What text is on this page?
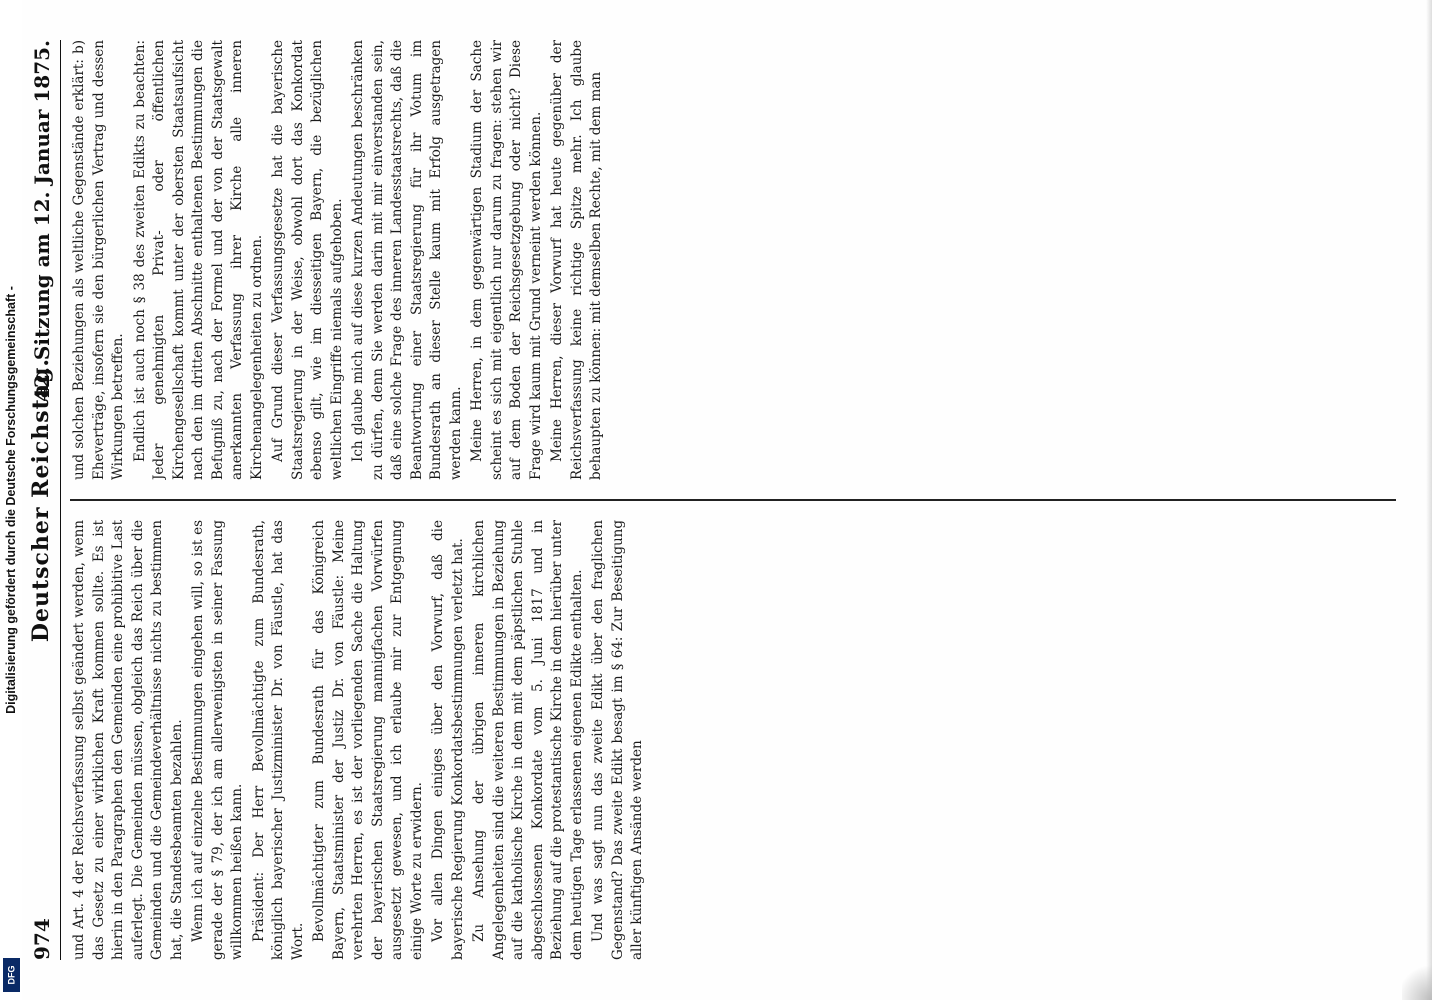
974
Deutscher Reichstag.
42. Sitzung am 12. Januar 1875.

und Art. 4 der Reichsverfassung selbst geändert werden, wenn das Gesetz zu einer wirklichen Kraft kommen sollte. Es ist hierin in den Paragraphen den Gemeinden eine prohibitive Last auferlegt. Die Gemeinden müssen, obgleich das Reich über die Gemeinden und die Gemeindeverhältnisse nichts zu bestimmen hat, die Standesbeamten bezahlen. Wenn ich auf einzelne Bestimmungen eingehen will, so ist es gerade der § 79, der ich am allerwenigsten in seiner Fassung willkommen heißen kann. Präsident: Der Herr Bevollmächtigte zum Bundesrath, königlich bayerischer Justizminister Dr. von Fäustle, hat das Wort. Bevollmächtigter zum Bundesrath für das Königreich Bayern, Staatsminister der Justiz Dr. von Fäustle: Meine verehrten Herren, es ist der vorliegenden Sache die Haltung der bayerischen Staatsregierung mannigfachen Vorwürfen ausgesetzt gewesen, und ich erlaube mir zur Entgegnung einige Worte zu erwidern. Vor allen Dingen einiges über den Vorwurf, daß die bayerische Regierung Konkordatsbestimmungen verletzt hat. Zu Ansehung der übrigen inneren kirchlichen Angelegenheiten sind die weiteren Bestimmungen in Beziehung auf die katholische Kirche in dem mit dem päpstlichen Stuhle abgeschlossenen Konkordate vom 5. Juni 1817 und in Beziehung auf die protestantische Kirche in dem hierüber unter dem heutigen Tage erlassenen eigenen Edikte enthalten. Und was sagt nun das zweite Edikt über den fraglichen Gegenstand? Das zweite Edikt besagt im § 64: Zur Beseitigung aller künftigen Ansände werden

und solchen Beziehungen als weltliche Gegenstände erklärt: b) Eheverträge, insofern sie den bürgerlichen Vertrag und dessen Wirkungen betreffen. Endlich ist auch noch § 38 des zweiten Edikts zu beachten: Jeder genehmigten Privat- oder öffentlichen Kirchengesellschaft kommt unter der obersten Staatsaufsicht nach den im dritten Abschnitte enthaltenen Bestimmungen die Befugniß zu, nach der Formel und der von der Staatsgewalt anerkannten Verfassung ihrer Kirche alle inneren Kirchenangelegenheiten zu ordnen. Auf Grund dieser Verfassungsgesetze hat die bayerische Staatsregierung in der Weise, obwohl dort das Konkordat ebenso gilt, wie im diesseitigen Bayern, die bezüglichen weltlichen Eingriffe niemals aufgehoben. Ich glaube mich auf diese kurzen Andeutungen beschränken zu dürfen, denn Sie werden darin mit mir einverstanden sein, daß eine solche Frage des inneren Landesstaatsrechts, daß die Beantwortung einer Staatsregierung für ihr Votum im Bundesrath an dieser Stelle kaum mit Erfolg ausgetragen werden kann. Meine Herren, in dem gegenwärtigen Stadium der Sache scheint es sich mit eigentlich nur darum zu fragen: stehen wir auf dem Boden der Reichsgesetzgebung oder nicht? Diese Frage wird kaum mit Grund verneint werden können. Meine Herren, dieser Vorwurf hat heute gegenüber der Reichsverfassung keine richtige Spitze mehr. Ich glaube behaupten zu können: mit demselben Rechte, mit dem man

Digitalisierung gefördert durch die Deutsche Forschungsgemeinschaft -
DFG
